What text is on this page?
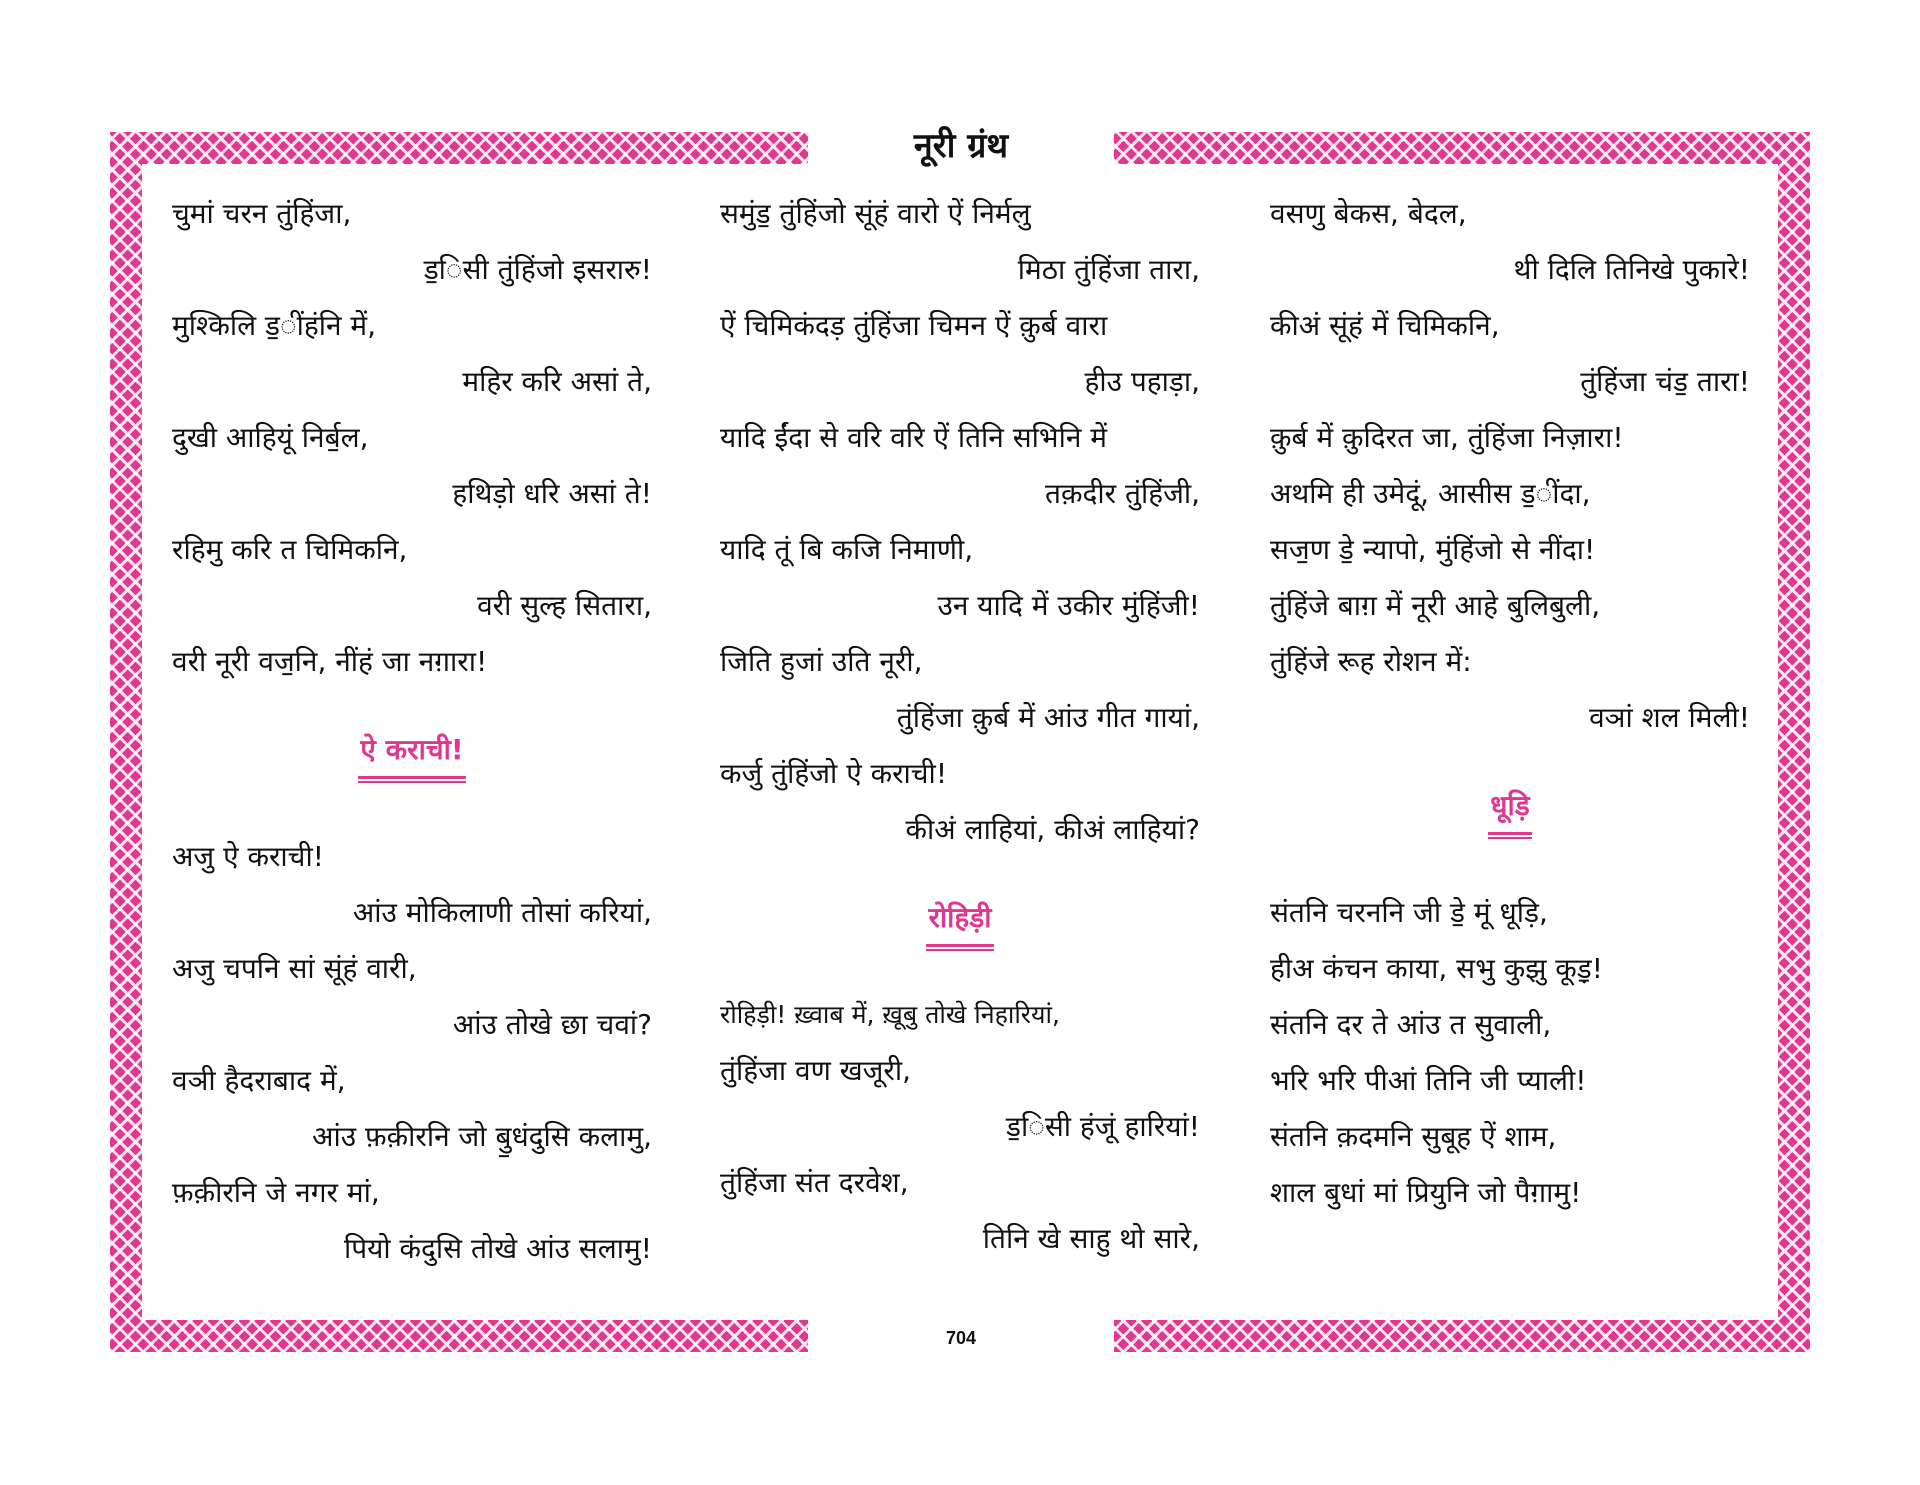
नूरी ग्रंथ
चुमां चरन तुंहिंजा,
ड॒िसी तुंहिंजो इसरारु!
मुश्किलि ड॒ींहंनि में,
महिर करि असां ते,
दुखी आहियूं निर्ब॒ल,
हथिड़ो धरि असां ते!
रहिमु करि त चिमिकनि,
वरी सुल्ह सितारा,
वरी नूरी वज॒नि, नींहं जा नग़ारा!
ऐ कराची!
अजु ऐ कराची!
आंउ मोकिलाणी तोसां करियां,
अजु चपनि सां सूंहं वारी,
आंउ तोखे छा चवां?
वञी हैदराबाद में,
आंउ फ़क़ीरनि जो बु॒धंदुसि कलामु,
फ़क़ीरनि जे नगर मां,
पियो कंदुसि तोखे आंउ सलामु!
समुंड॒ तुंहिंजो सूंहं वारो ऐं निर्मलु
मिठा तुंहिंजा तारा,
ऐं चिमिकंदड़ तुंहिंजा चिमन ऐं क़ुर्ब वारा
हीउ पहाड़ा,
यादि ईंदा से वरि वरि ऐं तिनि सभिनि में
तक़दीर तुंहिंजी,
यादि तूं बि कजि निमाणी,
उन यादि में उकीर मुंहिंजी!
जिति हुजां उति नूरी,
तुंहिंजा क़ुर्ब में आंउ गीत गायां,
कर्जु तुंहिंजो ऐ कराची!
कीअं लाहियां, कीअं लाहियां?
रोहिड़ी
रोहिड़ी! ख़्वाब में, ख़ूबु तोखे निहारियां,
तुंहिंजा वण खजूरी,
ड॒िसी हंजूं हारियां!
तुंहिंजा संत दरवेश,
तिनि खे साहु थो सारे,
वसणु बेकस, बेदल,
थी दिलि तिनिखे पुकारे!
कीअं सूंहं में चिमिकनि,
तुंहिंजा चंड॒ तारा!
क़ुर्ब में क़ुदिरत जा, तुंहिंजा निज़ारा!
अथमि ही उमेदूं, आसीस ड॒ींदा,
सज॒ण डे॒ न्यापो, मुंहिंजो से नींदा!
तुंहिंजे बाग़ में नूरी आहे बुलिबुली,
तुंहिंजे रूह रोशन में:
वञां शल मिली!
धूड़ि
संतनि चरननि जी डे॒ मूं धूड़ि,
हीअ कंचन काया, सभु कुझु कूड़॒!
संतनि दर ते आंउ त सुवाली,
भरि भरि पीआं तिनि जी प्याली!
संतनि क़दमनि सुबूह ऐं शाम,
शाल बुधां मां प्रियुनि जो पैग़ामु!
704
